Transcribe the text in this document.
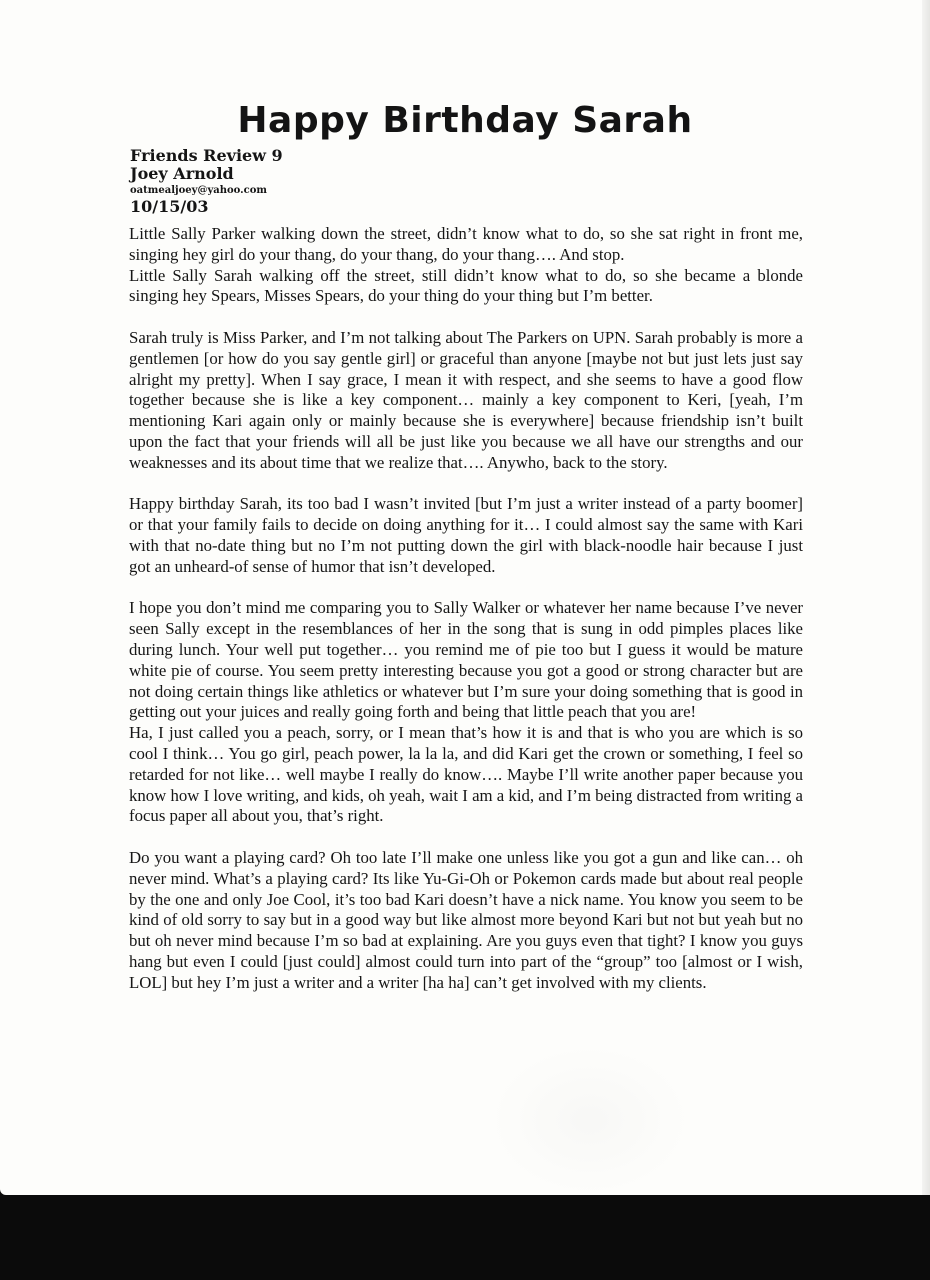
Happy Birthday Sarah
Friends Review 9
Joey Arnold
oatmealjoey@yahoo.com
10/15/03

Little Sally Parker walking down the street, didn’t know what to do, so she sat right in front me, singing hey girl do your thang, do your thang, do your thang…. And stop.

Little Sally Sarah walking off the street, still didn’t know what to do, so she became a blonde singing hey Spears, Misses Spears, do your thing do your thing but I’m better.

Sarah truly is Miss Parker, and I’m not talking about The Parkers on UPN. Sarah probably is more a gentlemen [or how do you say gentle girl] or graceful than anyone [maybe not but just lets just say alright my pretty]. When I say grace, I mean it with respect, and she seems to have a good flow together because she is like a key component… mainly a key component to Keri, [yeah, I’m mentioning Kari again only or mainly because she is everywhere] because friendship isn’t built upon the fact that your friends will all be just like you because we all have our strengths and our weaknesses and its about time that we realize that…. Anywho, back to the story.

Happy birthday Sarah, its too bad I wasn’t invited [but I’m just a writer instead of a party boomer] or that your family fails to decide on doing anything for it… I could almost say the same with Kari with that no-date thing but no I’m not putting down the girl with black-noodle hair because I just got an unheard-of sense of humor that isn’t developed.

I hope you don’t mind me comparing you to Sally Walker or whatever her name because I’ve never seen Sally except in the resemblances of her in the song that is sung in odd pimples places like during lunch. Your well put together… you remind me of pie too but I guess it would be mature white pie of course. You seem pretty interesting because you got a good or strong character but are not doing certain things like athletics or whatever but I’m sure your doing something that is good in getting out your juices and really going forth and being that little peach that you are!

Ha, I just called you a peach, sorry, or I mean that’s how it is and that is who you are which is so cool I think… You go girl, peach power, la la la, and did Kari get the crown or something, I feel so retarded for not like… well maybe I really do know…. Maybe I’ll write another paper because you know how I love writing, and kids, oh yeah, wait I am a kid, and I’m being distracted from writing a focus paper all about you, that’s right.

Do you want a playing card? Oh too late I’ll make one unless like you got a gun and like can… oh never mind. What’s a playing card? Its like Yu-Gi-Oh or Pokemon cards made but about real people by the one and only Joe Cool, it’s too bad Kari doesn’t have a nick name. You know you seem to be kind of old sorry to say but in a good way but like almost more beyond Kari but not but yeah but no but oh never mind because I’m so bad at explaining. Are you guys even that tight? I know you guys hang but even I could [just could] almost could turn into part of the “group” too [almost or I wish, LOL] but hey I’m just a writer and a writer [ha ha] can’t get involved with my clients.
